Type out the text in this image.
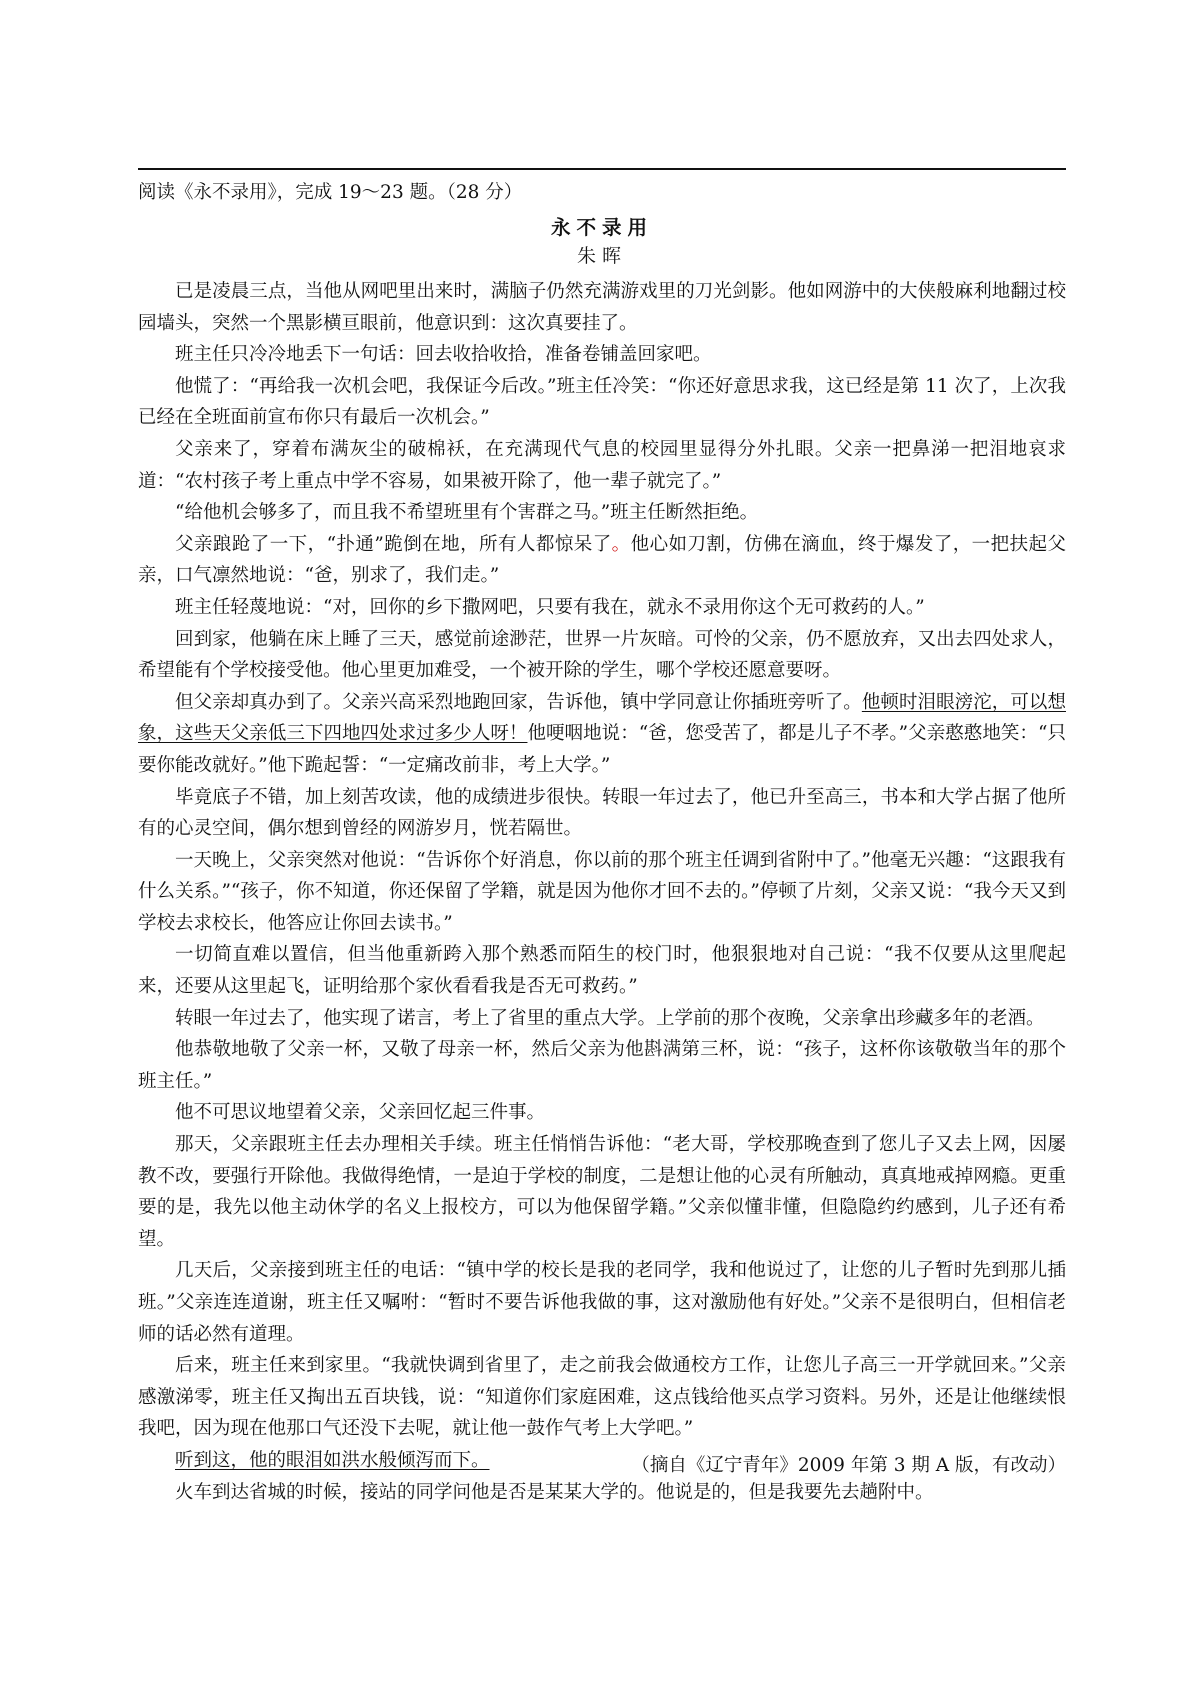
阅读《永不录用》，完成 19～23 题。（28 分）
永不录用
朱晖

已是凌晨三点，当他从网吧里出来时，满脑子仍然充满游戏里的刀光剑影。他如网游中的大侠般麻利地翻过校园墙头，突然一个黑影横亘眼前，他意识到：这次真要挂了。

班主任只冷冷地丢下一句话：回去收拾收拾，准备卷铺盖回家吧。

他慌了：“再给我一次机会吧，我保证今后改。”班主任冷笑：“你还好意思求我，这已经是第 11 次了，上次我已经在全班面前宣布你只有最后一次机会。”

父亲来了，穿着布满灰尘的破棉袄，在充满现代气息的校园里显得分外扎眼。父亲一把鼻涕一把泪地哀求道：“农村孩子考上重点中学不容易，如果被开除了，他一辈子就完了。”

“给他机会够多了，而且我不希望班里有个害群之马。”班主任断然拒绝。

父亲踉跄了一下，“扑通”跪倒在地，所有人都惊呆了。他心如刀割，仿佛在滴血，终于爆发了，一把扶起父亲，口气凛然地说：“爸，别求了，我们走。”

班主任轻蔑地说：“对，回你的乡下撒网吧，只要有我在，就永不录用你这个无可救药的人。”

回到家，他躺在床上睡了三天，感觉前途渺茫，世界一片灰暗。可怜的父亲，仍不愿放弃，又出去四处求人，希望能有个学校接受他。他心里更加难受，一个被开除的学生，哪个学校还愿意要呀。

但父亲却真办到了。父亲兴高采烈地跑回家，告诉他，镇中学同意让你插班旁听了。他顿时泪眼滂沱，可以想象，这些天父亲低三下四地四处求过多少人呀！他哽咽地说：“爸，您受苦了，都是儿子不孝。”父亲憨憨地笑：“只要你能改就好。”他下跪起誓：“一定痛改前非，考上大学。”

毕竟底子不错，加上刻苦攻读，他的成绩进步很快。转眼一年过去了，他已升至高三，书本和大学占据了他所有的心灵空间，偶尔想到曾经的网游岁月，恍若隔世。

一天晚上，父亲突然对他说：“告诉你个好消息，你以前的那个班主任调到省附中了。”他毫无兴趣：“这跟我有什么关系。”“孩子，你不知道，你还保留了学籍，就是因为他你才回不去的。”停顿了片刻，父亲又说：“我今天又到学校去求校长，他答应让你回去读书。”

一切简直难以置信，但当他重新跨入那个熟悉而陌生的校门时，他狠狠地对自己说：“我不仅要从这里爬起来，还要从这里起飞，证明给那个家伙看看我是否无可救药。”

转眼一年过去了，他实现了诺言，考上了省里的重点大学。上学前的那个夜晚，父亲拿出珍藏多年的老酒。

他恭敬地敬了父亲一杯，又敬了母亲一杯，然后父亲为他斟满第三杯，说：“孩子，这杯你该敬敬当年的那个班主任。”

他不可思议地望着父亲，父亲回忆起三件事。

那天，父亲跟班主任去办理相关手续。班主任悄悄告诉他：“老大哥，学校那晚查到了您儿子又去上网，因屡教不改，要强行开除他。我做得绝情，一是迫于学校的制度，二是想让他的心灵有所触动，真真地戒掉网瘾。更重要的是，我先以他主动休学的名义上报校方，可以为他保留学籍。”父亲似懂非懂，但隐隐约约感到，儿子还有希望。

几天后，父亲接到班主任的电话：“镇中学的校长是我的老同学，我和他说过了，让您的儿子暂时先到那儿插班。”父亲连连道谢，班主任又嘱咐：“暂时不要告诉他我做的事，这对激励他有好处。”父亲不是很明白，但相信老师的话必然有道理。

后来，班主任来到家里。“我就快调到省里了，走之前我会做通校方工作，让您儿子高三一开学就回来。”父亲感激涕零，班主任又掏出五百块钱，说：“知道你们家庭困难，这点钱给他买点学习资料。另外，还是让他继续恨我吧，因为现在他那口气还没下去呢，就让他一鼓作气考上大学吧。”

听到这，他的眼泪如洪水般倾泻而下。

火车到达省城的时候，接站的同学问他是否是某某大学的。他说是的，但是我要先去趟附中。

（摘自《辽宁青年》2009 年第 3 期 A 版，有改动）
